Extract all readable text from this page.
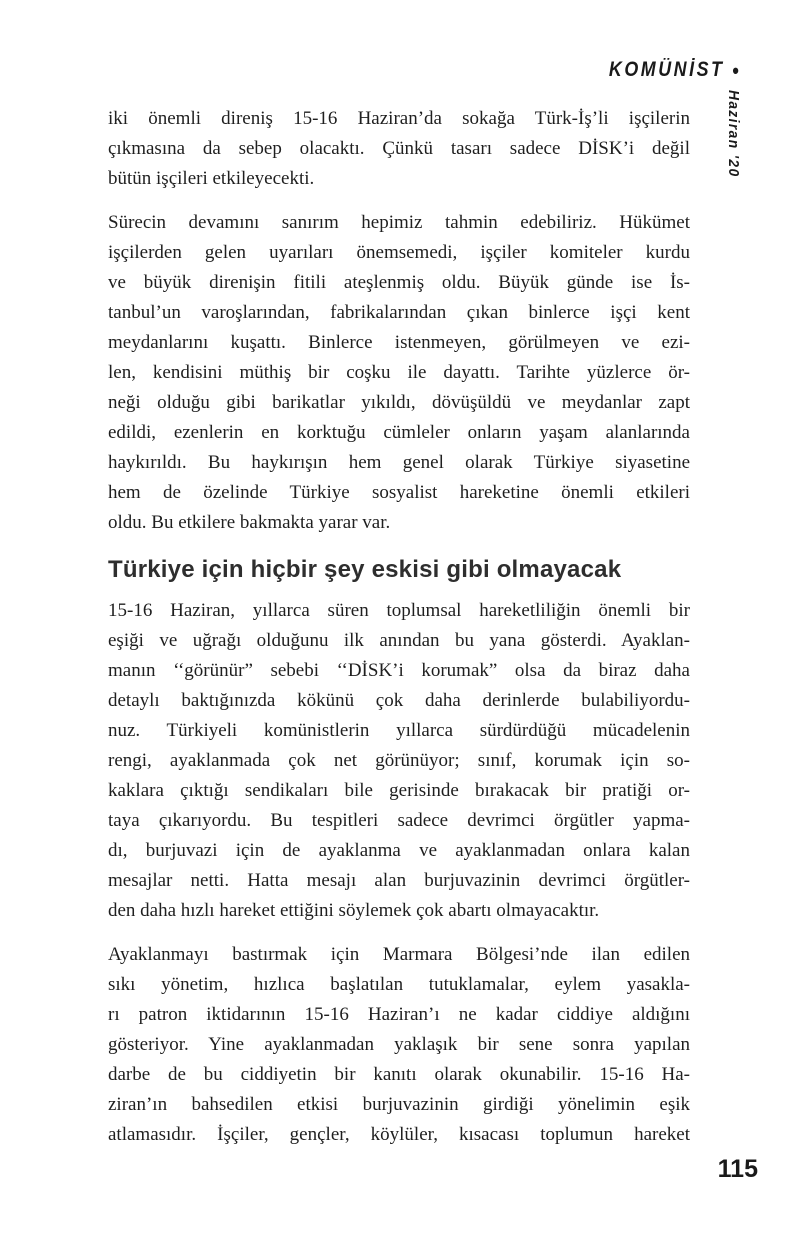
KOMÜNİST •
Haziran '20
iki önemli direniş 15-16 Haziran’da sokağa Türk-İş’li işçilerin
çıkmasına da sebep olacaktı. Çünkü tasarı sadece DİSK’i değil
bütün işçileri etkileyecekti.
Sürecin devamını sanırım hepimiz tahmin edebiliriz. Hükümet
işçilerden gelen uyarıları önemsemedi, işçiler komiteler kurdu
ve büyük direnişin fitili ateşlenmiş oldu. Büyük günde ise İs-
tanbul’un varoşlarından, fabrikalarından çıkan binlerce işçi kent
meydanlarını kuşattı. Binlerce istenmeyen, görülmeyen ve ezi-
len, kendisini müthiş bir coşku ile dayattı. Tarihte yüzlerce ör-
neği olduğu gibi barikatlar yıkıldı, dövüşüldü ve meydanlar zapt
edildi, ezenlerin en korktuğu cümleler onların yaşam alanlarında
haykırıldı. Bu haykırışın hem genel olarak Türkiye siyasetine
hem de özelinde Türkiye sosyalist hareketine önemli etkileri
oldu. Bu etkilere bakmakta yarar var.
Türkiye için hiçbir şey eskisi gibi olmayacak
15-16 Haziran, yıllarca süren toplumsal hareketliliğin önemli bir
eşiği ve uğrağı olduğunu ilk anından bu yana gösterdi. Ayaklan-
manın ‘‘görünür” sebebi ‘‘DİSK’i korumak” olsa da biraz daha
detaylı baktığınızda kökünü çok daha derinlerde bulabiliyordu-
nuz. Türkiyeli komünistlerin yıllarca sürdürdüğü mücadelenin
rengi, ayaklanmada çok net görünüyor; sınıf, korumak için so-
kaklara çıktığı sendikaları bile gerisinde bırakacak bir pratiği or-
taya çıkarıyordu. Bu tespitleri sadece devrimci örgütler yapma-
dı, burjuvazi için de ayaklanma ve ayaklanmadan onlara kalan
mesajlar netti. Hatta mesajı alan burjuvazinin devrimci örgütler-
den daha hızlı hareket ettiğini söylemek çok abartı olmayacaktır.
Ayaklanmayı bastırmak için Marmara Bölgesi’nde ilan edilen
sıkı yönetim, hızlıca başlatılan tutuklamalar, eylem yasakla-
rı patron iktidarının 15-16 Haziran’ı ne kadar ciddiye aldığını
gösteriyor. Yine ayaklanmadan yaklaşık bir sene sonra yapılan
darbe de bu ciddiyetin bir kanıtı olarak okunabilir. 15-16 Ha-
ziran’ın bahsedilen etkisi burjuvazinin girdiği yönelimin eşik
atlamasıdır. İşçiler, gençler, köylüler, kısacası toplumun hareket
115
